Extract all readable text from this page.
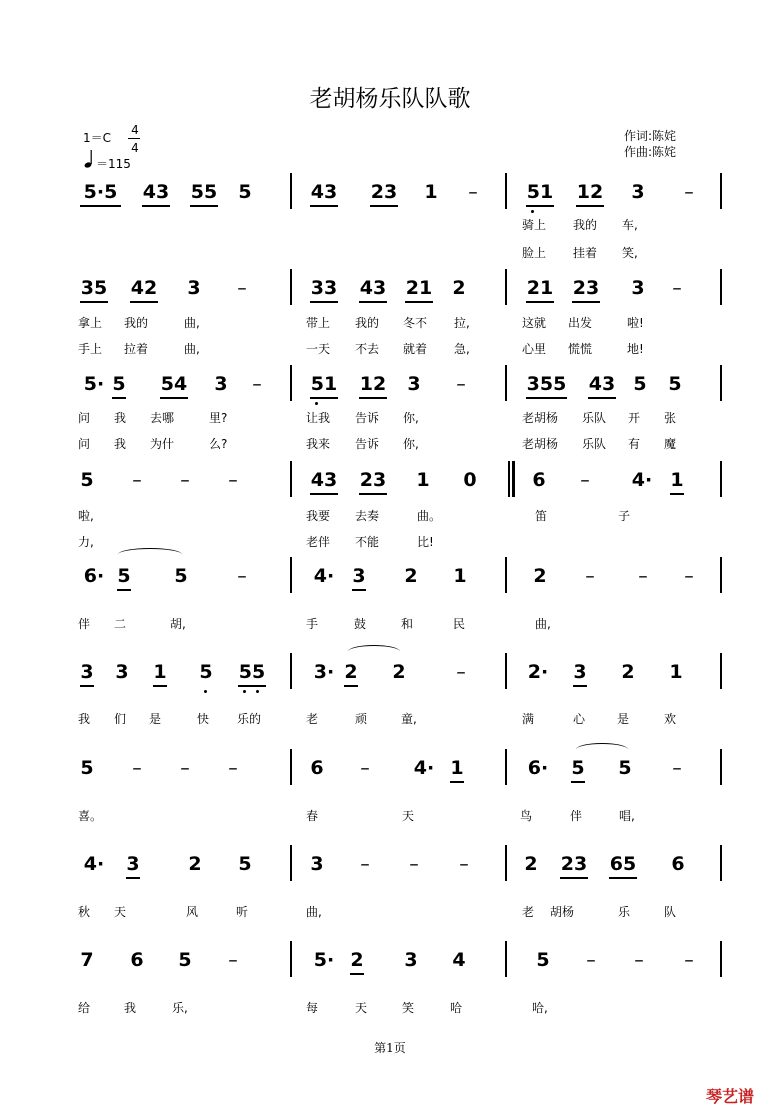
老胡杨乐队队歌
1＝C
4
4
＝115
作词:陈姹
作曲:陈姹
第1页
琴艺谱
5·5 43 55 5	43 23 1 –	51 12 3 –
骑上 我的 车,
脸上 挂着 笑,
35 42 3 –	33 43 21 2	21 23 3 –
拿上 我的	曲,	带上 我的 冬不 拉,	这就 出发	啦!
手上 拉着	曲,	一天 不去 就着 急,	心里 慌慌	地!
5· 5 54 3 –	51 12 3 –	355 43 5 5
问 我 去哪	里?	让我 告诉 你,	老胡杨 乐队 开 张
问 我 为什	么?	我来 告诉 你,	老胡杨 乐队 有 魔
5 – – –	43 23 1 0	6 –	4· 1
啦,	我要 去奏	曲。	笛	子
力,	老伴 不能	比!
6· 5 5	–	4· 3 2 1	2 – – –
伴 二	胡,	手	鼓	和	民	曲,
3 3 1 5 55	3· 2 2	–	2·	3 2 1
我 们 是	快 乐的	老	顽	童,	满	心	是	欢
5 – – –	6 –	4· 1	6·	5 5 –
喜。	春	天	鸟	伴	唱,
4·	3	2 5	3 – – –	2 23 65 6
秋 天	风	听	曲,	老 胡杨	乐	队
7 6 5 –	5· 2 3 4	5 – – –
给	我	乐,	每	天	笑	哈	哈,
